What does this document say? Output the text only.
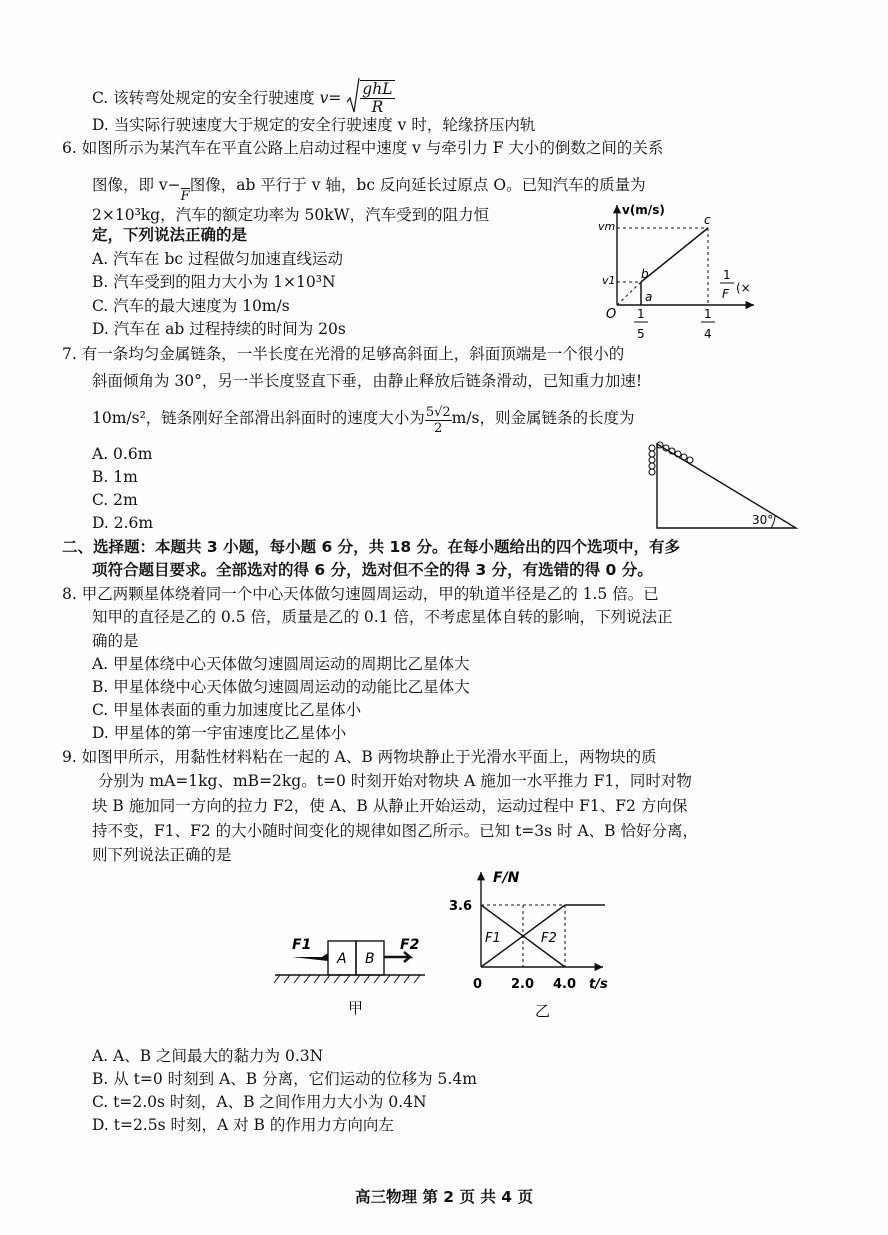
C. 该转弯处规定的安全行驶速度 v= ghL
R
D. 当实际行驶速度大于规定的安全行驶速度 v 时，轮缘挤压内轨
6. 如图所示为某汽车在平直公路上启动过程中速度 v 与牵引力 F 大小的倒数之间的关系
图像，即 v−

F
图像，ab 平行于 v 轴，bc 反向延长过原点 O。已知汽车的质量为
2×10³kg，汽车的额定功率为 50kW，汽车受到的阻力恒
定，下列说法正确的是
A. 汽车在 bc 过程做匀加速直线运动
B. 汽车受到的阻力大小为 1×10³N
C. 汽车的最大速度为 10m/s
D. 汽车在 ab 过程持续的时间为 20s
v(m/s)
vm
v1
O
a
b
c
1
5
1
4
1
F (×
7. 有一条均匀金属链条，一半长度在光滑的足够高斜面上，斜面顶端是一个很小的
斜面倾角为 30°，另一半长度竖直下垂，由静止释放后链条滑动，已知重力加速!
10m/s²，链条刚好全部滑出斜面时的速度大小为 $\frac{5√2}{2} m/s$，则金属链条的长度为
A. 0.6m
B. 1m
C. 2m
D. 2.6m	30°
二、选择题：本题共 3 小题，每小题 6 分，共 18 分。在每小题给出的四个选项中，有多
项符合题目要求。全部选对的得 6 分，选对但不全的得 3 分，有选错的得 0 分。
8. 甲乙两颗星体绕着同一个中心天体做匀速圆周运动，甲的轨道半径是乙的 1.5 倍。已
知甲的直径是乙的 0.5 倍，质量是乙的 0.1 倍，不考虑星体自转的影响，下列说法正
确的是
A. 甲星体绕中心天体做匀速圆周运动的周期比乙星体大
B. 甲星体绕中心天体做匀速圆周运动的动能比乙星体大
C. 甲星体表面的重力加速度比乙星体小
D. 甲星体的第一宇宙速度比乙星体小
9. 如图甲所示，用黏性材料粘在一起的 A、B 两物块静止于光滑水平面上，两物块的质
分别为 mA=1kg、mB=2kg。t=0 时刻开始对物块 A 施加一水平推力 F1，同时对物
块 B 施加同一方向的拉力 F2，使 A、B 从静止开始运动，运动过程中 F1、F2 方向保
持不变，F1、F2 的大小随时间变化的规律如图乙所示。已知 t=3s 时 A、B 恰好分离，
则下列说法正确的是
A B
F1	F2
甲
F/N
3.6
F1	F2
0 2.0 4.0 t/s
乙
A. A、B 之间最大的黏力为 0.3N
B. 从 t=0 时刻到 A、B 分离，它们运动的位移为 5.4m
C. t=2.0s 时刻，A、B 之间作用力大小为 0.4N
D. t=2.5s 时刻，A 对 B 的作用力方向向左
高三物理 第 2 页 共 4 页
